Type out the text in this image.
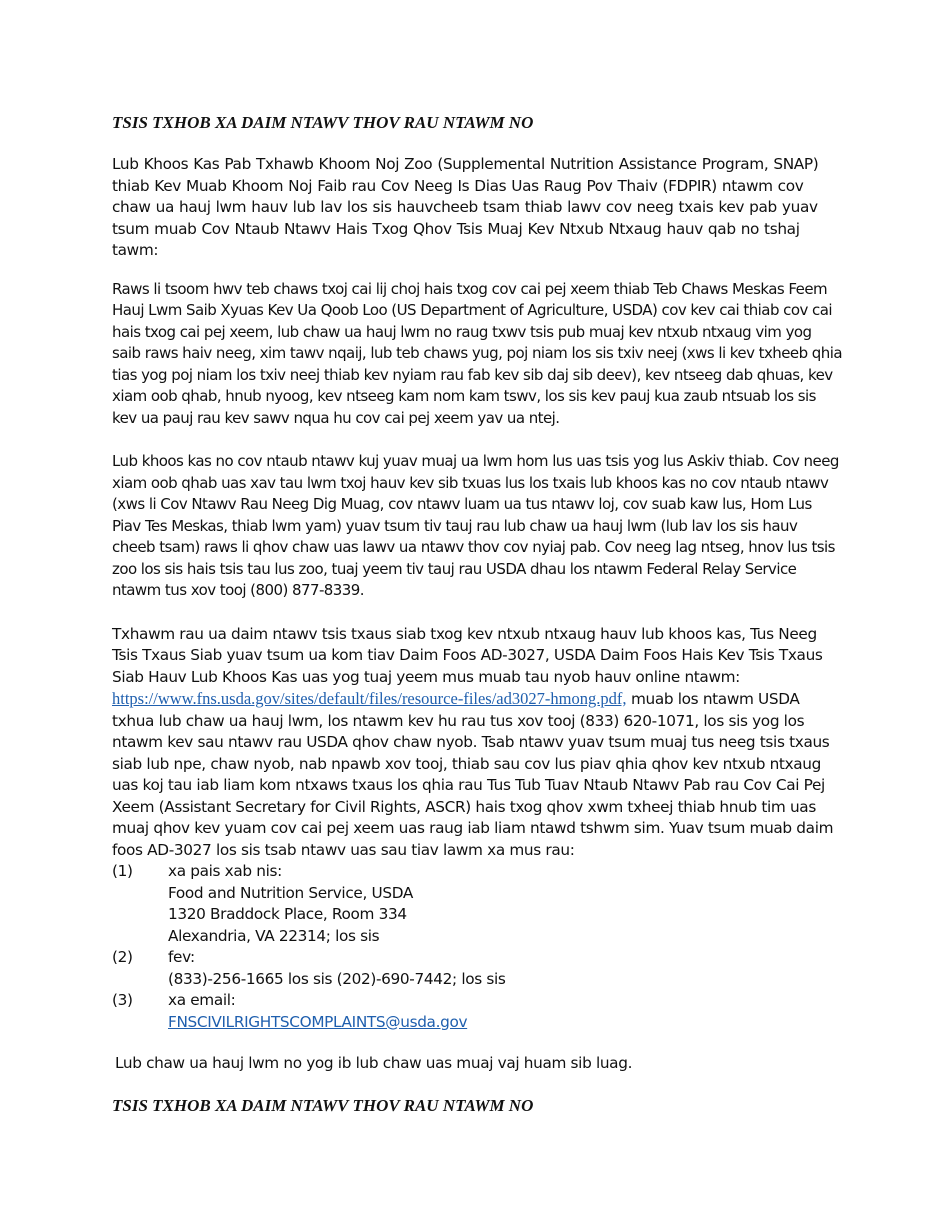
TSIS TXHOB XA DAIM NTAWV THOV RAU NTAWM NO

Lub Khoos Kas Pab Txhawb Khoom Noj Zoo (Supplemental Nutrition Assistance Program, SNAP) thiab Kev Muab Khoom Noj Faib rau Cov Neeg Is Dias Uas Raug Pov Thaiv (FDPIR) ntawm cov chaw ua hauj lwm hauv lub lav los sis hauvcheeb tsam thiab lawv cov neeg txais kev pab yuav tsum muab Cov Ntaub Ntawv Hais Txog Qhov Tsis Muaj Kev Ntxub Ntxaug hauv qab no tshaj tawm:

Raws li tsoom hwv teb chaws txoj cai lij choj hais txog cov cai pej xeem thiab Teb Chaws Meskas Feem Hauj Lwm Saib Xyuas Kev Ua Qoob Loo (US Department of Agriculture, USDA) cov kev cai thiab cov cai hais txog cai pej xeem, lub chaw ua hauj lwm no raug txwv tsis pub muaj kev ntxub ntxaug vim yog saib raws haiv neeg, xim tawv nqaij, lub teb chaws yug, poj niam los sis txiv neej (xws li kev txheeb qhia tias yog poj niam los txiv neej thiab kev nyiam rau fab kev sib daj sib deev), kev ntseeg dab qhuas, kev xiam oob qhab, hnub nyoog, kev ntseeg kam nom kam tswv, los sis kev pauj kua zaub ntsuab los sis kev ua pauj rau kev sawv nqua hu cov cai pej xeem yav ua ntej.

Lub khoos kas no cov ntaub ntawv kuj yuav muaj ua lwm hom lus uas tsis yog lus Askiv thiab. Cov neeg xiam oob qhab uas xav tau lwm txoj hauv kev sib txuas lus los txais lub khoos kas no cov ntaub ntawv (xws li Cov Ntawv Rau Neeg Dig Muag, cov ntawv luam ua tus ntawv loj, cov suab kaw lus, Hom Lus Piav Tes Meskas, thiab lwm yam) yuav tsum tiv tauj rau lub chaw ua hauj lwm (lub lav los sis hauv cheeb tsam) raws li qhov chaw uas lawv ua ntawv thov cov nyiaj pab. Cov neeg lag ntseg, hnov lus tsis zoo los sis hais tsis tau lus zoo, tuaj yeem tiv tauj rau USDA dhau los ntawm Federal Relay Service ntawm tus xov tooj (800) 877-8339.

Txhawm rau ua daim ntawv tsis txaus siab txog kev ntxub ntxaug hauv lub khoos kas, Tus Neeg Tsis Txaus Siab yuav tsum ua kom tiav Daim Foos AD-3027, USDA Daim Foos Hais Kev Tsis Txaus Siab Hauv Lub Khoos Kas uas yog tuaj yeem mus muab tau nyob hauv online ntawm: https://www.fns.usda.gov/sites/default/files/resource-files/ad3027-hmong.pdf, muab los ntawm USDA txhua lub chaw ua hauj lwm, los ntawm kev hu rau tus xov tooj (833) 620-1071, los sis yog los ntawm kev sau ntawv rau USDA qhov chaw nyob. Tsab ntawv yuav tsum muaj tus neeg tsis txaus siab lub npe, chaw nyob, nab npawb xov tooj, thiab sau cov lus piav qhia qhov kev ntxub ntxaug uas koj tau iab liam kom ntxaws txaus los qhia rau Tus Tub Tuav Ntaub Ntawv Pab rau Cov Cai Pej Xeem (Assistant Secretary for Civil Rights, ASCR) hais txog qhov xwm txheej thiab hnub tim uas muaj qhov kev yuam cov cai pej xeem uas raug iab liam ntawd tshwm sim. Yuav tsum muab daim foos AD-3027 los sis tsab ntawv uas sau tiav lawm xa mus rau:

(1)	xa pais xab nis:
Food and Nutrition Service, USDA
1320 Braddock Place, Room 334
Alexandria, VA 22314; los sis
(2)	fev:
(833)-256-1665 los sis (202)-690-7442; los sis
(3)	xa email:
FNSCIVILRIGHTSCOMPLAINTS@usda.gov

Lub chaw ua hauj lwm no yog ib lub chaw uas muaj vaj huam sib luag.

TSIS TXHOB XA DAIM NTAWV THOV RAU NTAWM NO
